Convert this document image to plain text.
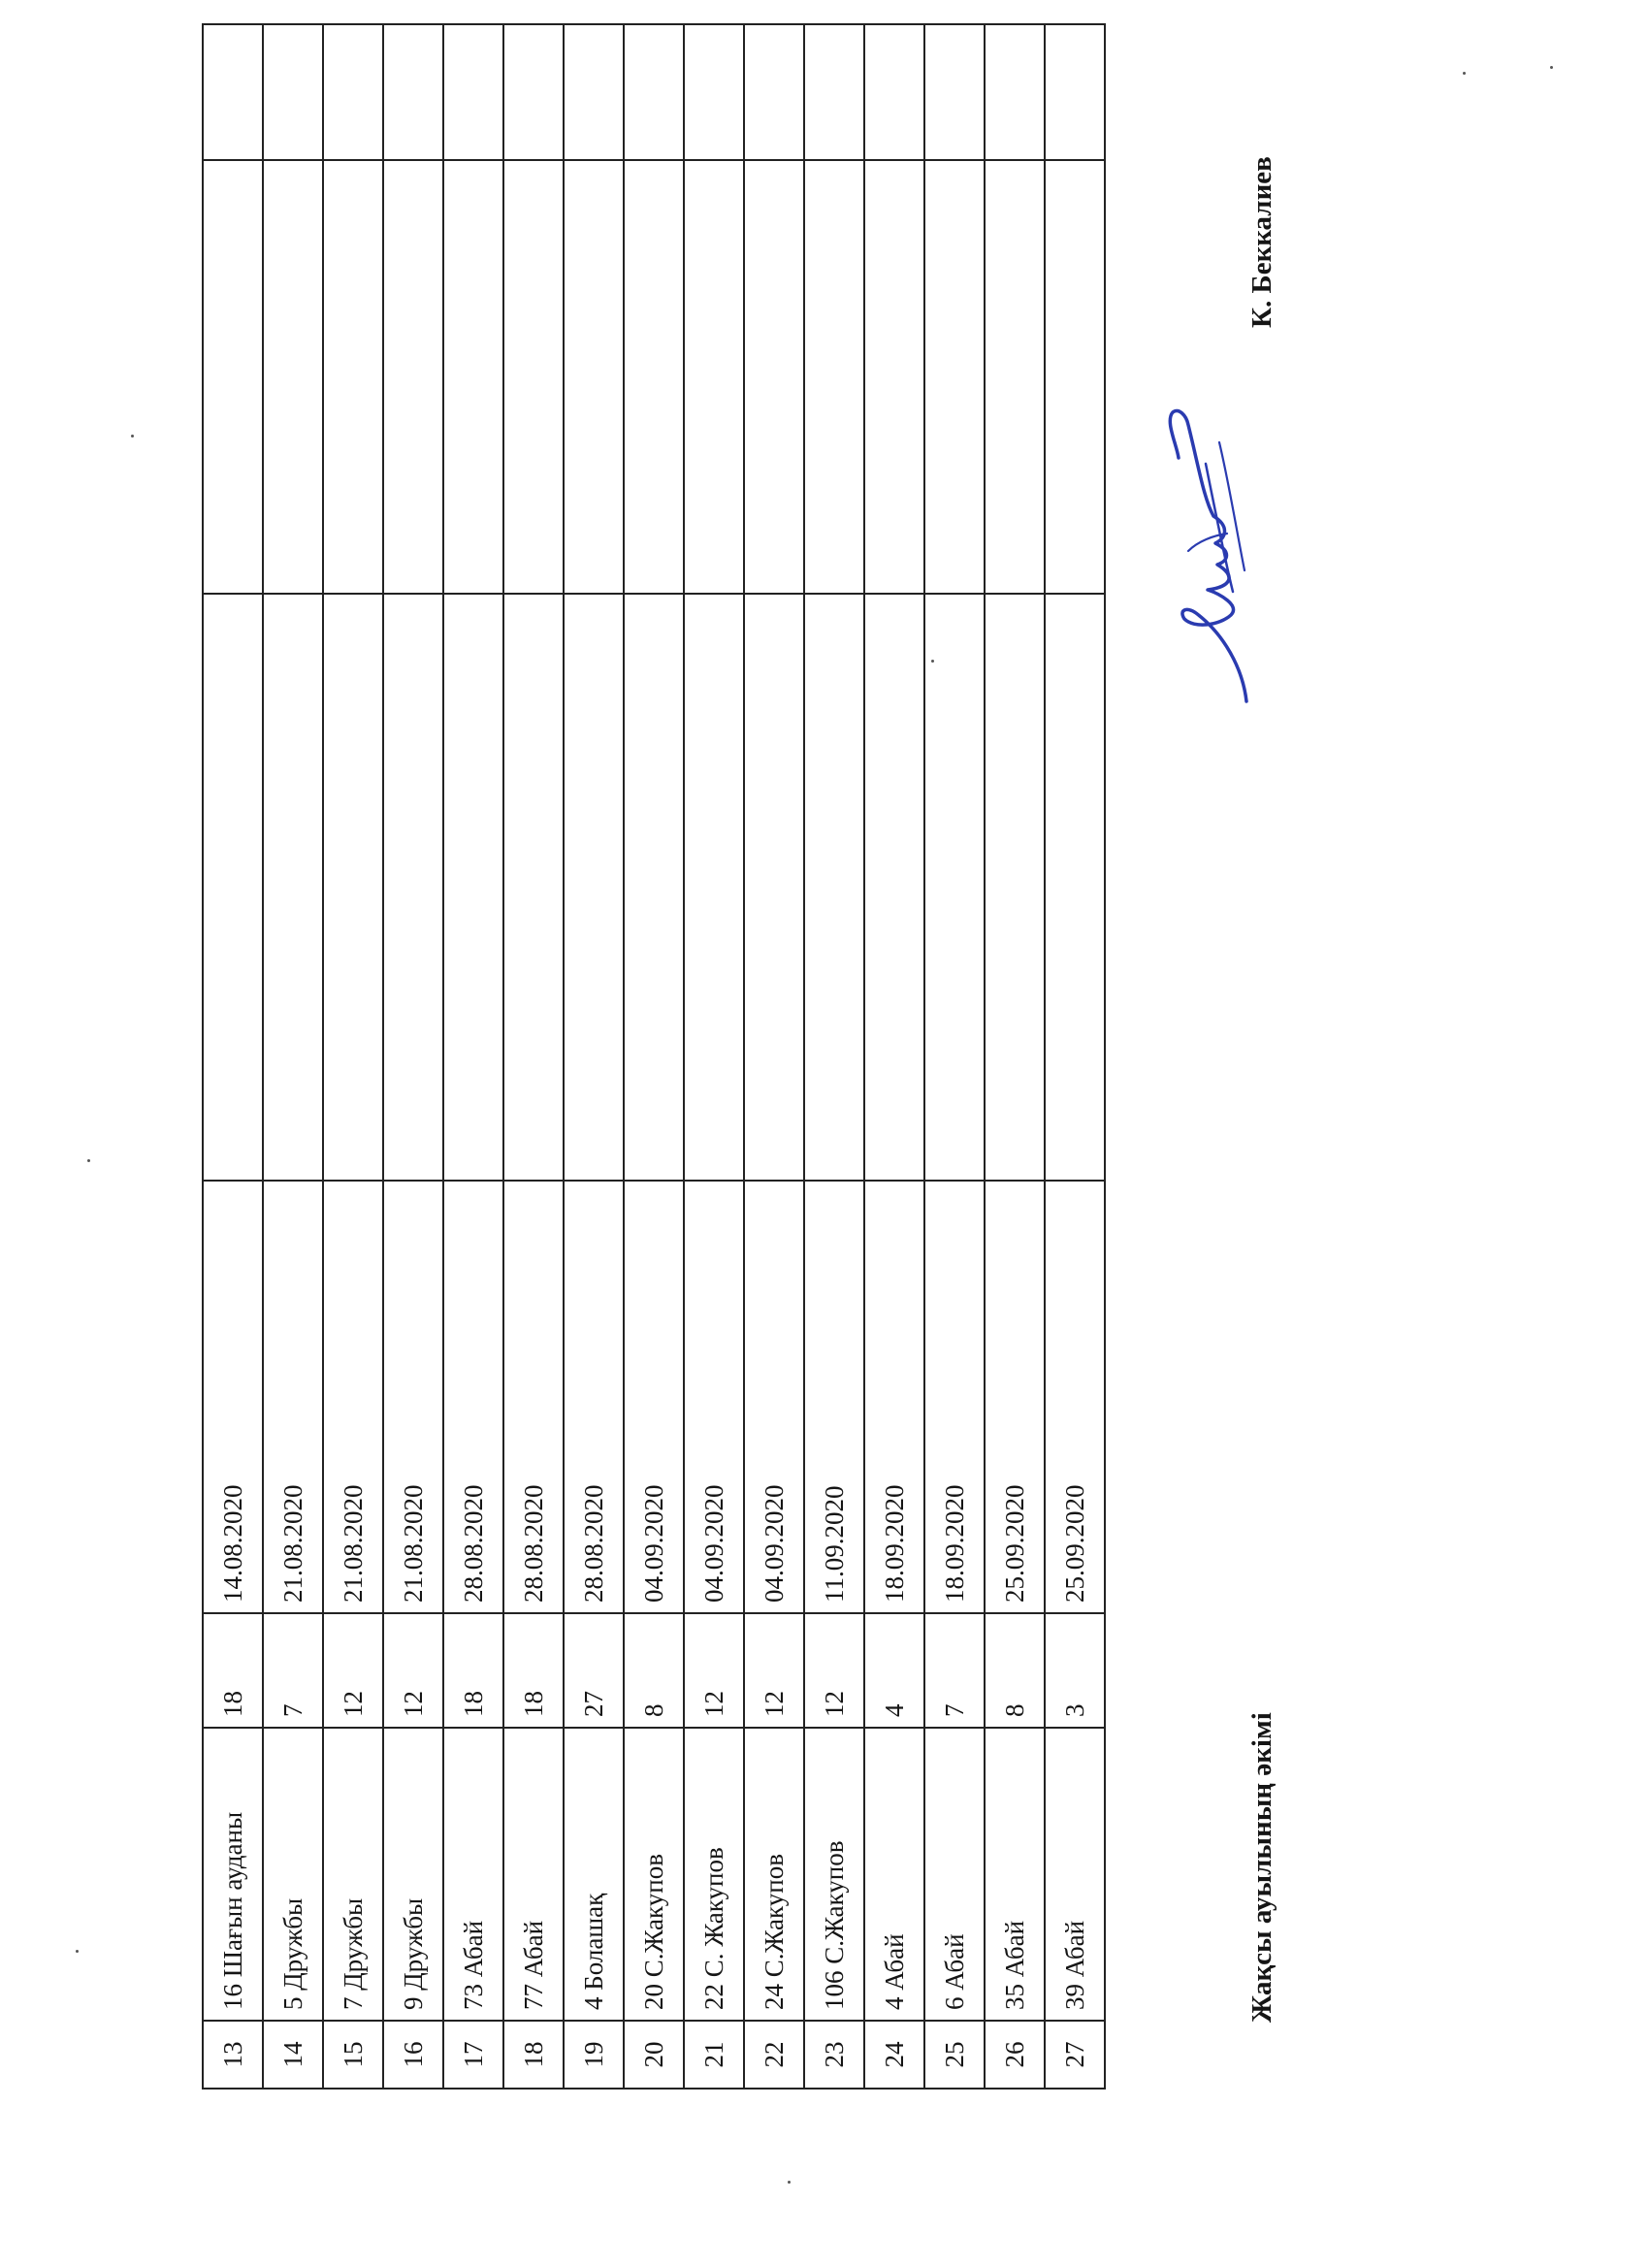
13	16 Шағын ауданы	18	14.08.2020			
14	5 Дружбы	7	21.08.2020			
15	7 Дружбы	12	21.08.2020			
16	9 Дружбы	12	21.08.2020			
17	73 Абай	18	28.08.2020			
18	77 Абай	18	28.08.2020			
19	4 Болашақ	27	28.08.2020			
20	20 С.Жакупов	8	04.09.2020			
21	22 С. Жакупов	12	04.09.2020			
22	24 С.Жакупов	12	04.09.2020			
23	106 С.Жакупов	12	11.09.2020			
24	4 Абай	4	18.09.2020			
25	6 Абай	7	18.09.2020			
26	35 Абай	8	25.09.2020			
27	39 Абай	3	25.09.2020			
Жақсы ауылының әкімі
К. Беккалиев
